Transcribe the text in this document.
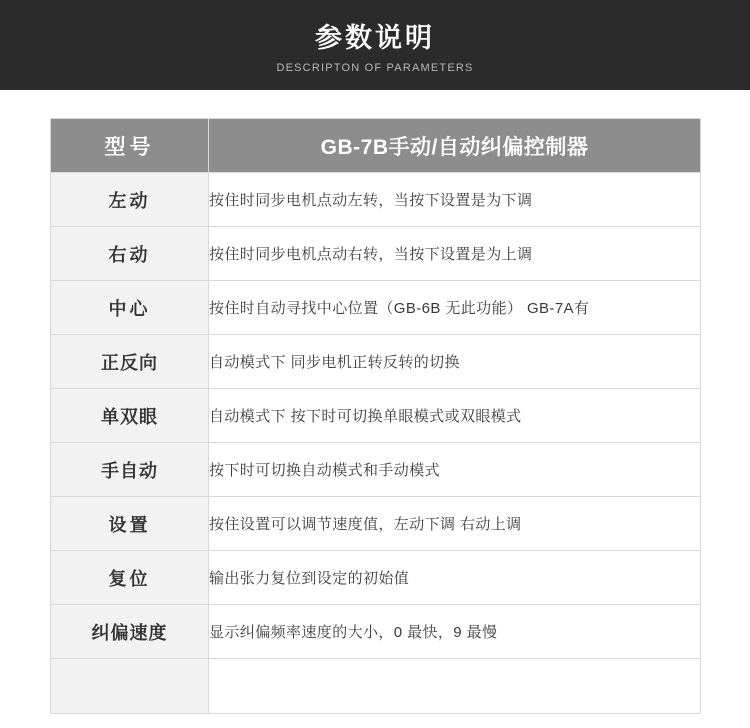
参数说明
DESCRIPTON OF PARAMETERS
型号	GB-7B手动/自动纠偏控制器
左动	按住时同步电机点动左转，当按下设置是为下调
右动	按住时同步电机点动右转，当按下设置是为上调
中心	按住时自动寻找中心位置（GB-6B 无此功能） GB-7A有
正反向	自动模式下 同步电机正转反转的切换
单双眼	自动模式下 按下时可切换单眼模式或双眼模式
手自动	按下时可切换自动模式和手动模式
设置	按住设置可以调节速度值，左动下调 右动上调
复位	输出张力复位到设定的初始值
纠偏速度	显示纠偏频率速度的大小，0 最快，9 最慢
